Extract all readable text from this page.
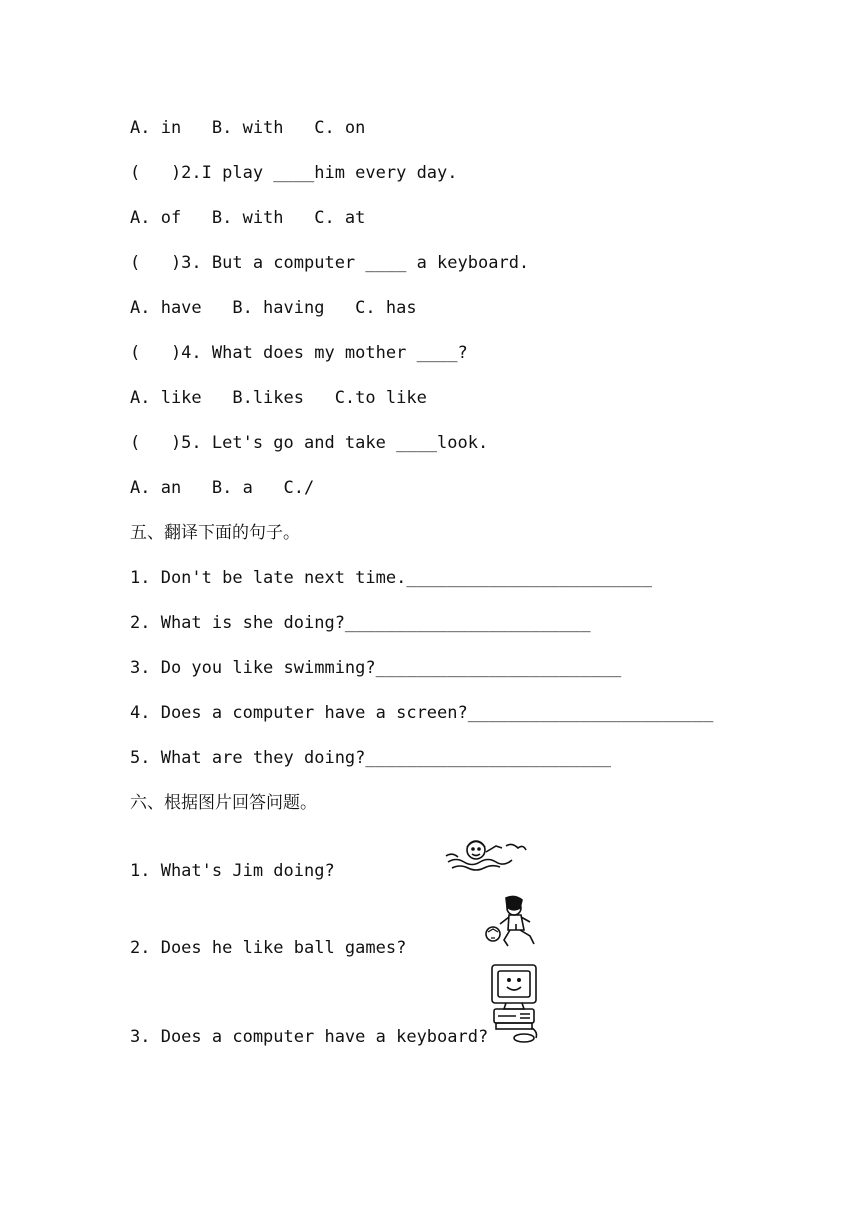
A. in   B. with   C. on
(   )2.I play ____him every day.
A. of   B. with   C. at
(   )3. But a computer ____ a keyboard.
A. have   B. having   C. has
(   )4. What does my mother ____?
A. like   B.likes   C.to like
(   )5. Let's go and take ____look.
A. an   B. a   C./
五、翻译下面的句子。
1. Don't be late next time.________________________
2. What is she doing?________________________
3. Do you like swimming?________________________
4. Does a computer have a screen?________________________
5. What are they doing?________________________
六、根据图片回答问题。
1. What's Jim doing?
2. Does he like ball games?
3. Does a computer have a keyboard?
